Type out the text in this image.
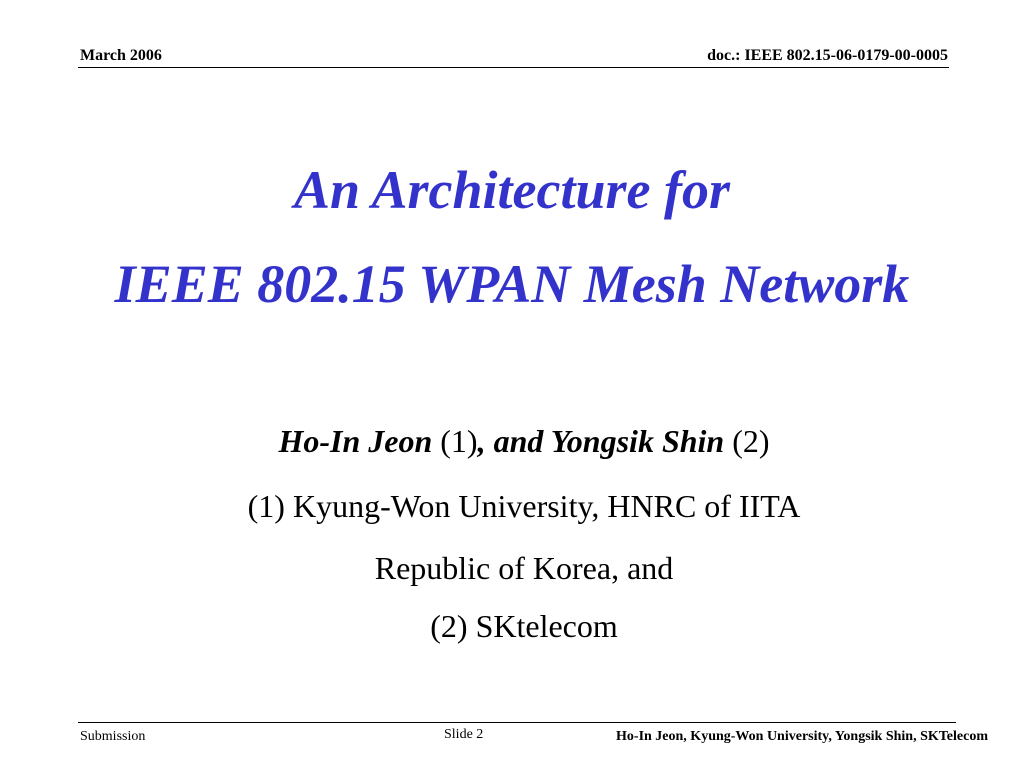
March 2006	doc.: IEEE 802.15-06-0179-00-0005
An Architecture for
IEEE 802.15 WPAN Mesh Network
Ho-In Jeon (1), and Yongsik Shin (2)
(1) Kyung-Won University, HNRC of IITA
Republic of Korea, and
(2) SKtelecom
Submission	Slide 2	Ho-In Jeon, Kyung-Won University, Yongsik Shin, SKTelecom
